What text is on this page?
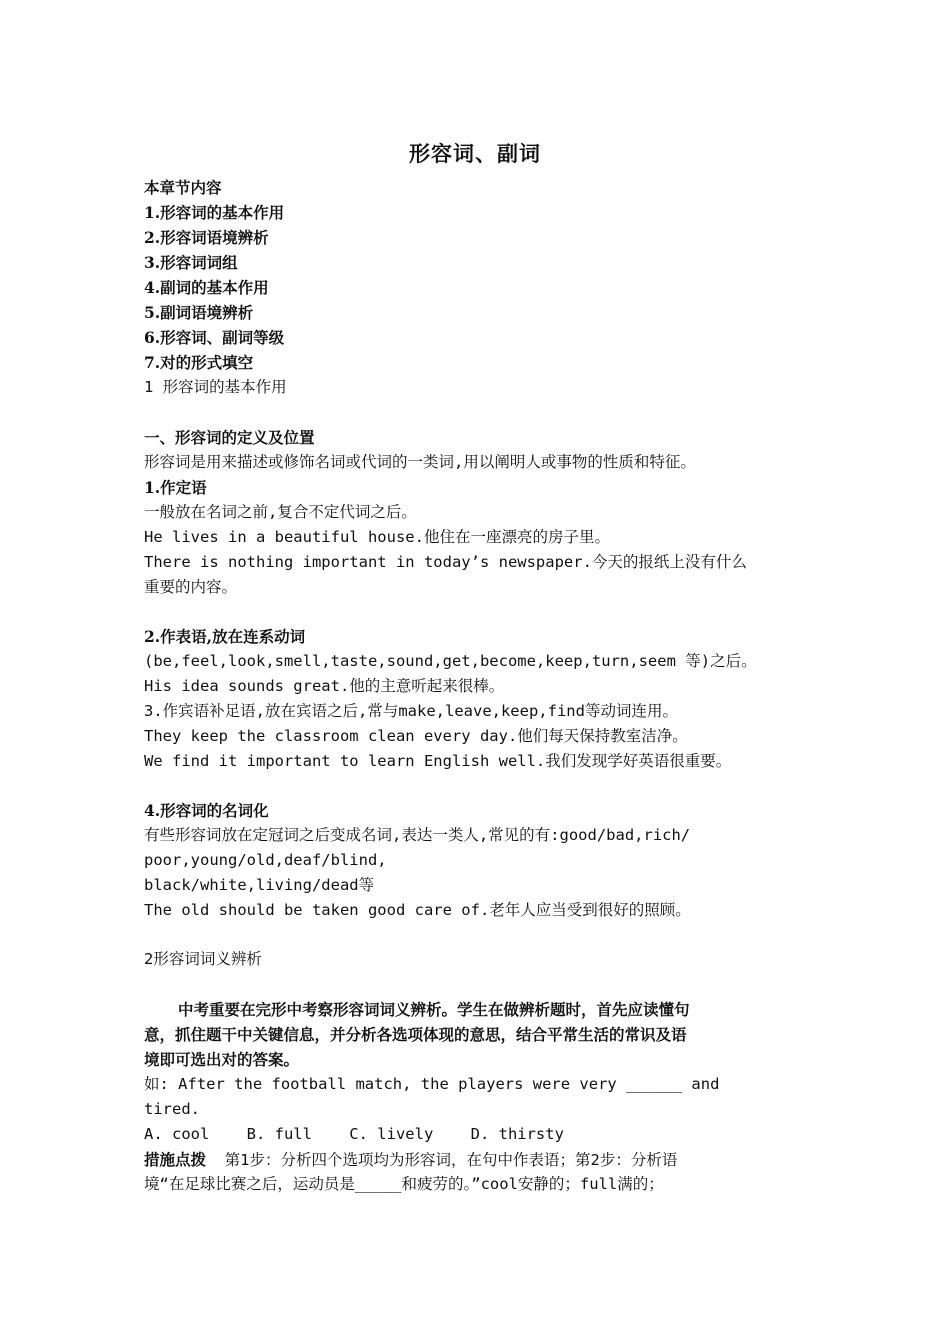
形容词、副词
本章节内容
1.形容词的基本作用
2.形容词语境辨析
3.形容词词组
4.副词的基本作用
5.副词语境辨析
6.形容词、副词等级
7.对的形式填空
1 形容词的基本作用
一、形容词的定义及位置
形容词是用来描述或修饰名词或代词的一类词,用以阐明人或事物的性质和特征。
1.作定语
一般放在名词之前,复合不定代词之后。
He lives in a beautiful house.他住在一座漂亮的房子里。
There is nothing important in today’s newspaper.今天的报纸上没有什么
重要的内容。
2.作表语,放在连系动词
(be,feel,look,smell,taste,sound,get,become,keep,turn,seem 等)之后。
His idea sounds great.他的主意听起来很棒。
3.作宾语补足语,放在宾语之后,常与make,leave,keep,find等动词连用。
They keep the classroom clean every day.他们每天保持教室洁净。
We find it important to learn English well.我们发现学好英语很重要。
4.形容词的名词化
有些形容词放在定冠词之后变成名词,表达一类人,常见的有:good/bad,rich/
poor,young/old,deaf/blind,
black/white,living/dead等
The old should be taken good care of.老年人应当受到很好的照顾。
2形容词词义辨析
中考重要在完形中考察形容词词义辨析。学生在做辨析题时，首先应读懂句
意，抓住题干中关键信息，并分析各选项体现的意思，结合平常生活的常识及语
境即可选出对的答案。
如: After the football match, the players were very ______ and
tired.
A. cool    B. full    C. lively    D. thirsty
措施点拨  第1步：分析四个选项均为形容词，在句中作表语；第2步：分析语
境“在足球比赛之后，运动员是_____和疲劳的。”cool安静的；full满的；
